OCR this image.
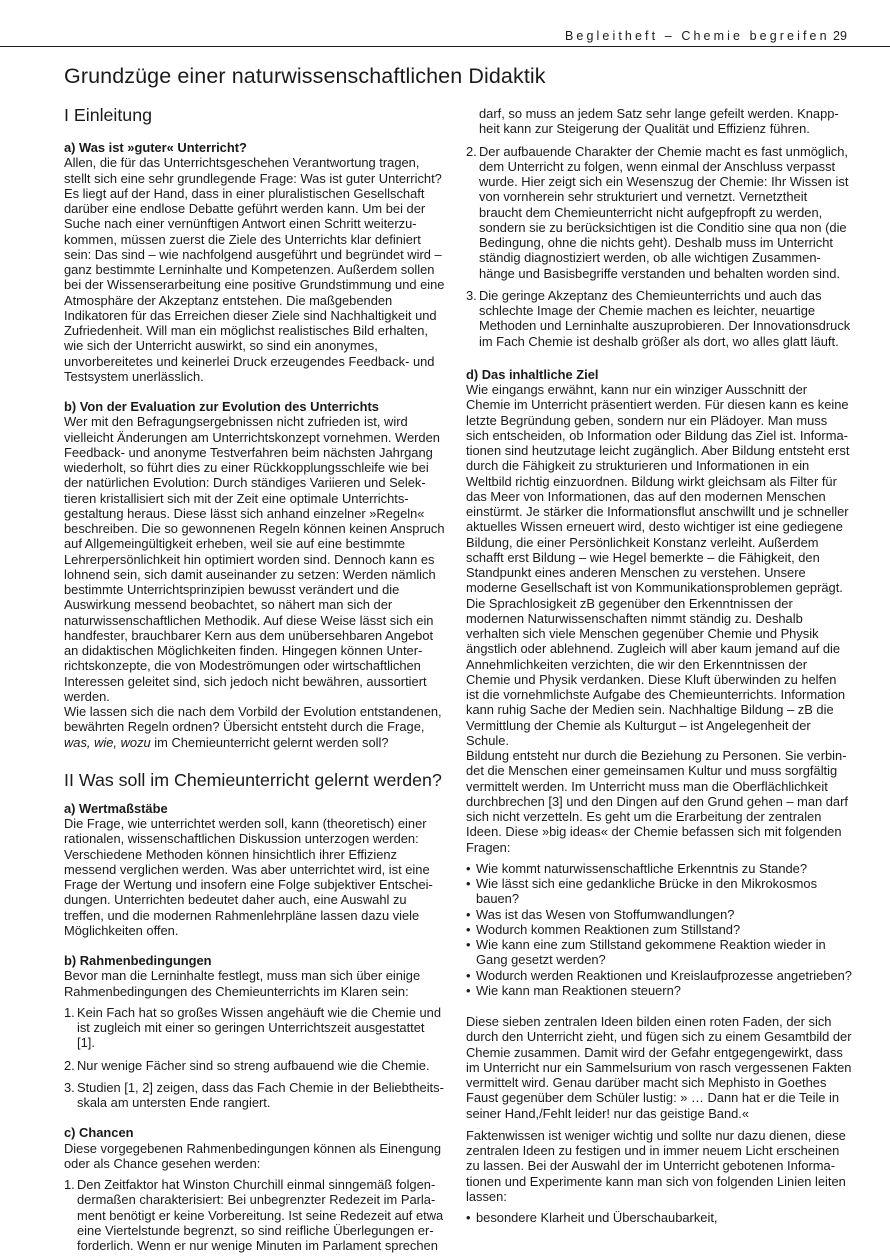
Begleitheft – Chemie begreifen 29
Grundzüge einer naturwissenschaftlichen Didaktik
I Einleitung

a) Was ist »guter« Unterricht?

Allen, die für das Unterrichtsgeschehen Verantwortung tragen, stellt sich eine sehr grundlegende Frage: Was ist guter Unterricht? Es liegt auf der Hand, dass in einer pluralistischen Gesellschaft darüber eine endlose Debatte geführt werden kann. Um bei der Suche nach einer vernünftigen Antwort einen Schritt weiterzukommen, müssen zuerst die Ziele des Unterrichts klar definiert sein: Das sind – wie nachfolgend ausgeführt und begründet wird – ganz bestimmte Lerninhalte und Kompetenzen. Außerdem sollen bei der Wissenserarbeitung eine positive Grundstimmung und eine Atmosphäre der Akzeptanz entstehen. Die maßgebenden Indikatoren für das Erreichen dieser Ziele sind Nachhaltigkeit und Zufriedenheit. Will man ein möglichst realistisches Bild erhalten, wie sich der Unterricht auswirkt, so sind ein anonymes, unvorbereitetes und keinerlei Druck erzeugendes Feedback- und Testsystem unerlässlich.

b) Von der Evaluation zur Evolution des Unterrichts

Wer mit den Befragungsergebnissen nicht zufrieden ist, wird vielleicht Änderungen am Unterrichtskonzept vornehmen. Werden Feedback- und anonyme Testverfahren beim nächsten Jahrgang wiederholt, so führt dies zu einer Rückkopplungsschleife wie bei der natürlichen Evolution: Durch ständiges Variieren und Selektieren kristallisiert sich mit der Zeit eine optimale Unterrichtsgestaltung heraus. Diese lässt sich anhand einzelner »Regeln« beschreiben. Die so gewonnenen Regeln können keinen Anspruch auf Allgemeingültigkeit erheben, weil sie auf eine bestimmte Lehrerpersönlichkeit hin optimiert worden sind. Dennoch kann es lohnend sein, sich damit auseinander zu setzen: Werden nämlich bestimmte Unterrichtsprinzipien bewusst verändert und die Auswirkung messend beobachtet, so nähert man sich der naturwissenschaftlichen Methodik. Auf diese Weise lässt sich ein handfester, brauchbarer Kern aus dem unübersehbaren Angebot an didaktischen Möglichkeiten finden. Hingegen können Unterrichtskonzepte, die von Modeströmungen oder wirtschaftlichen Interessen geleitet sind, sich jedoch nicht bewähren, aussortiert werden.

Wie lassen sich die nach dem Vorbild der Evolution entstandenen, bewährten Regeln ordnen? Übersicht entsteht durch die Frage, was, wie, wozu im Chemieunterricht gelernt werden soll?

II Was soll im Chemieunterricht gelernt werden?

a) Wertmaßstäbe

Die Frage, wie unterrichtet werden soll, kann (theoretisch) einer rationalen, wissenschaftlichen Diskussion unterzogen werden: Verschiedene Methoden können hinsichtlich ihrer Effizienz messend verglichen werden. Was aber unterrichtet wird, ist eine Frage der Wertung und insofern eine Folge subjektiver Entscheidungen. Unterrichten bedeutet daher auch, eine Auswahl zu treffen, und die modernen Rahmenlehrpläne lassen dazu viele Möglichkeiten offen.

b) Rahmenbedingungen

Bevor man die Lerninhalte festlegt, muss man sich über einige Rahmenbedingungen des Chemieunterrichts im Klaren sein:

1. Kein Fach hat so großes Wissen angehäuft wie die Chemie und ist zugleich mit einer so geringen Unterrichtszeit ausgestattet [1].
2. Nur wenige Fächer sind so streng aufbauend wie die Chemie.
3. Studien [1, 2] zeigen, dass das Fach Chemie in der Beliebtheitsskala am untersten Ende rangiert.

c) Chancen

Diese vorgegebenen Rahmenbedingungen können als Einengung oder als Chance gesehen werden:

1. Den Zeitfaktor hat Winston Churchill einmal sinngemäß folgendermaßen charakterisiert: Bei unbegrenzter Redezeit im Parlament benötigt er keine Vorbereitung. Ist seine Redezeit auf etwa eine Viertelstunde begrenzt, so sind reifliche Überlegungen erforderlich. Wenn er nur wenige Minuten im Parlament sprechen
darf, so muss an jedem Satz sehr lange gefeilt werden. Knappheit kann zur Steigerung der Qualität und Effizienz führen.
2. Der aufbauende Charakter der Chemie macht es fast unmöglich, dem Unterricht zu folgen, wenn einmal der Anschluss verpasst wurde. Hier zeigt sich ein Wesenszug der Chemie: Ihr Wissen ist von vornherein sehr strukturiert und vernetzt. Vernetztheit braucht dem Chemieunterricht nicht aufgepfropft zu werden, sondern sie zu berücksichtigen ist die Conditio sine qua non (die Bedingung, ohne die nichts geht). Deshalb muss im Unterricht ständig diagnostiziert werden, ob alle wichtigen Zusammenhänge und Basisbegriffe verstanden und behalten worden sind.
3. Die geringe Akzeptanz des Chemieunterrichts und auch das schlechte Image der Chemie machen es leichter, neuartige Methoden und Lerninhalte auszuprobieren. Der Innovationsdruck im Fach Chemie ist deshalb größer als dort, wo alles glatt läuft.

d) Das inhaltliche Ziel

Wie eingangs erwähnt, kann nur ein winziger Ausschnitt der Chemie im Unterricht präsentiert werden. Für diesen kann es keine letzte Begründung geben, sondern nur ein Plädoyer. Man muss sich entscheiden, ob Information oder Bildung das Ziel ist. Informationen sind heutzutage leicht zugänglich. Aber Bildung entsteht erst durch die Fähigkeit zu strukturieren und Informationen in ein Weltbild richtig einzuordnen. Bildung wirkt gleichsam als Filter für das Meer von Informationen, das auf den modernen Menschen einstürmt. Je stärker die Informationsflut anschwillt und je schneller aktuelles Wissen erneuert wird, desto wichtiger ist eine gediegene Bildung, die einer Persönlichkeit Konstanz verleiht. Außerdem schafft erst Bildung – wie Hegel bemerkte – die Fähigkeit, den Standpunkt eines anderen Menschen zu verstehen. Unsere moderne Gesellschaft ist von Kommunikationsproblemen geprägt. Die Sprachlosigkeit zB gegenüber den Erkenntnissen der modernen Naturwissenschaften nimmt ständig zu. Deshalb verhalten sich viele Menschen gegenüber Chemie und Physik ängstlich oder ablehnend. Zugleich will aber kaum jemand auf die Annehmlichkeiten verzichten, die wir den Erkenntnissen der Chemie und Physik verdanken. Diese Kluft überwinden zu helfen ist die vornehmlichste Aufgabe des Chemieunterrichts. Information kann ruhig Sache der Medien sein. Nachhaltige Bildung – zB die Vermittlung der Chemie als Kulturgut – ist Angelegenheit der Schule.

Bildung entsteht nur durch die Beziehung zu Personen. Sie verbindet die Menschen einer gemeinsamen Kultur und muss sorgfältig vermittelt werden. Im Unterricht muss man die Oberflächlichkeit durchbrechen [3] und den Dingen auf den Grund gehen – man darf sich nicht verzetteln. Es geht um die Erarbeitung der zentralen Ideen. Diese »big ideas« der Chemie befassen sich mit folgenden Fragen:

• Wie kommt naturwissenschaftliche Erkenntnis zu Stande?
• Wie lässt sich eine gedankliche Brücke in den Mikrokosmos bauen?
• Was ist das Wesen von Stoffumwandlungen?
• Wodurch kommen Reaktionen zum Stillstand?
• Wie kann eine zum Stillstand gekommene Reaktion wieder in Gang gesetzt werden?
• Wodurch werden Reaktionen und Kreislaufprozesse angetrieben?
• Wie kann man Reaktionen steuern?

Diese sieben zentralen Ideen bilden einen roten Faden, der sich durch den Unterricht zieht, und fügen sich zu einem Gesamtbild der Chemie zusammen. Damit wird der Gefahr entgegengewirkt, dass im Unterricht nur ein Sammelsurium von rasch vergessenen Fakten vermittelt wird. Genau darüber macht sich Mephisto in Goethes Faust gegenüber dem Schüler lustig: » … Dann hat er die Teile in seiner Hand,/Fehlt leider! nur das geistige Band.«

Faktenwissen ist weniger wichtig und sollte nur dazu dienen, diese zentralen Ideen zu festigen und in immer neuem Licht erscheinen zu lassen. Bei der Auswahl der im Unterricht gebotenen Informationen und Experimente kann man sich von folgenden Linien leiten lassen:

• besondere Klarheit und Überschaubarkeit,
